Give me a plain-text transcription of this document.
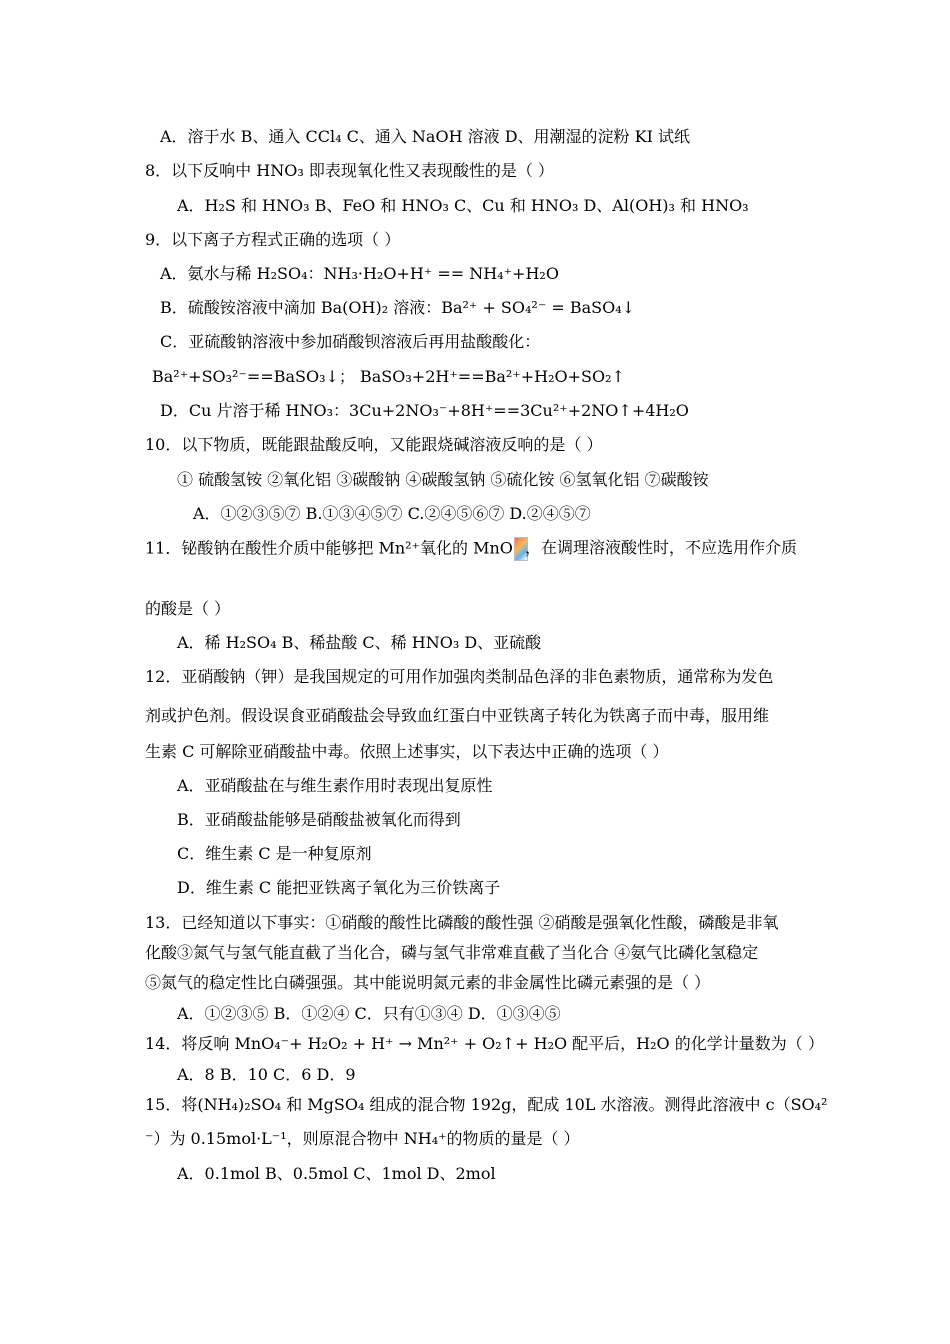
A．溶于水 B、通入 CCl₄ C、通入 NaOH 溶液 D、用潮湿的淀粉 KI 试纸
8．以下反响中 HNO₃ 即表现氧化性又表现酸性的是（ ）
A．H₂S 和 HNO₃ B、FeO 和 HNO₃ C、Cu 和 HNO₃ D、Al(OH)₃ 和 HNO₃
9．以下离子方程式正确的选项（ ）
A．氨水与稀 H₂SO₄：NH₃·H₂O+H⁺ == NH₄⁺+H₂O
B．硫酸铵溶液中滴加 Ba(OH)₂ 溶液：Ba²⁺ + SO₄²⁻ = BaSO₄↓
C．亚硫酸钠溶液中参加硝酸钡溶液后再用盐酸酸化：
Ba²⁺+SO₃²⁻==BaSO₃↓； BaSO₃+2H⁺==Ba²⁺+H₂O+SO₂↑
D．Cu 片溶于稀 HNO₃：3Cu+2NO₃⁻+8H⁺==3Cu²⁺+2NO↑+4H₂O
10．以下物质，既能跟盐酸反响，又能跟烧碱溶液反响的是（ ）
① 硫酸氢铵 ②氧化铝 ③碳酸钠 ④碳酸氢钠 ⑤硫化铵 ⑥氢氧化铝 ⑦碳酸铵
A．①②③⑤⑦ B.①③④⑤⑦ C.②④⑤⑥⑦ D.②④⑤⑦
11．铋酸钠在酸性介质中能够把 Mn²⁺氧化的 MnO ，在调理溶液酸性时，不应选用作介质
的酸是（ ）
A．稀 H₂SO₄ B、稀盐酸 C、稀 HNO₃ D、亚硫酸
12．亚硝酸钠（钾）是我国规定的可用作加强肉类制品色泽的非色素物质，通常称为发色
剂或护色剂。假设误食亚硝酸盐会导致血红蛋白中亚铁离子转化为铁离子而中毒，服用维
生素 C 可解除亚硝酸盐中毒。依照上述事实，以下表达中正确的选项（ ）
A．亚硝酸盐在与维生素作用时表现出复原性
B．亚硝酸盐能够是硝酸盐被氧化而得到
C．维生素 C 是一种复原剂
D．维生素 C 能把亚铁离子氧化为三价铁离子
13．已经知道以下事实：①硝酸的酸性比磷酸的酸性强 ②硝酸是强氧化性酸，磷酸是非氧
化酸③氮气与氢气能直截了当化合，磷与氢气非常难直截了当化合 ④氨气比磷化氢稳定
⑤氮气的稳定性比白磷强强。其中能说明氮元素的非金属性比磷元素强的是（ ）
A．①②③⑤ B．①②④ C．只有①③④ D．①③④⑤
14．将反响 MnO₄⁻+ H₂O₂ + H⁺ → Mn²⁺ + O₂↑+ H₂O 配平后，H₂O 的化学计量数为（ ）
A．8 B．10 C．6 D．9
15．将(NH₄)₂SO₄ 和 MgSO₄ 组成的混合物 192g，配成 10L 水溶液。测得此溶液中 c（SO₄²
⁻）为 0.15mol·L⁻¹，则原混合物中 NH₄⁺的物质的量是（ ）
A．0.1mol B、0.5mol C、1mol D、2mol
